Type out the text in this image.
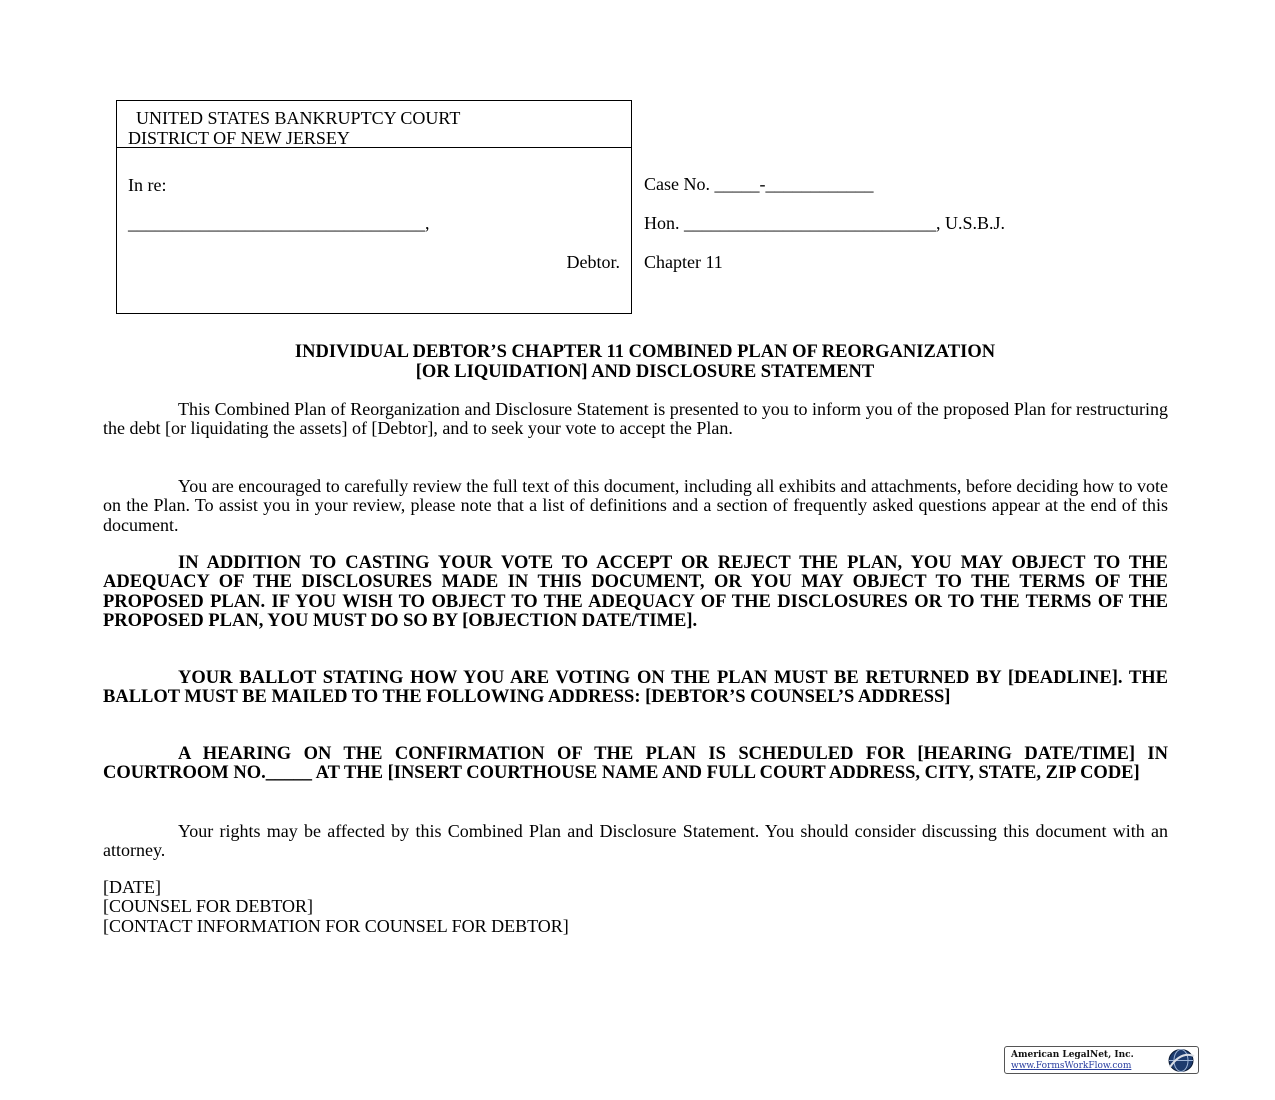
UNITED STATES BANKRUPTCY COURT
DISTRICT OF NEW JERSEY
In re:
_________________________________,
Debtor.
Case No. _____-____________
Hon. ____________________________, U.S.B.J.
Chapter 11
INDIVIDUAL DEBTOR’S CHAPTER 11 COMBINED PLAN OF REORGANIZATION
[OR LIQUIDATION] AND DISCLOSURE STATEMENT

This Combined Plan of Reorganization and Disclosure Statement is presented to you to inform you of the proposed Plan for restructuring the debt [or liquidating the assets] of [Debtor], and to seek your vote to accept the Plan.

You are encouraged to carefully review the full text of this document, including all exhibits and attachments, before deciding how to vote on the Plan. To assist you in your review, please note that a list of definitions and a section of frequently asked questions appear at the end of this document.

IN ADDITION TO CASTING YOUR VOTE TO ACCEPT OR REJECT THE PLAN, YOU MAY OBJECT TO THE ADEQUACY OF THE DISCLOSURES MADE IN THIS DOCUMENT, OR YOU MAY OBJECT TO THE TERMS OF THE PROPOSED PLAN. IF YOU WISH TO OBJECT TO THE ADEQUACY OF THE DISCLOSURES OR TO THE TERMS OF THE PROPOSED PLAN, YOU MUST DO SO BY [OBJECTION DATE/TIME].

YOUR BALLOT STATING HOW YOU ARE VOTING ON THE PLAN MUST BE RETURNED BY [DEADLINE]. THE BALLOT MUST BE MAILED TO THE FOLLOWING ADDRESS: [DEBTOR’S COUNSEL’S ADDRESS]

A HEARING ON THE CONFIRMATION OF THE PLAN IS SCHEDULED FOR [HEARING DATE/TIME] IN COURTROOM NO._____ AT THE [INSERT COURTHOUSE NAME AND FULL COURT ADDRESS, CITY, STATE, ZIP CODE]

Your rights may be affected by this Combined Plan and Disclosure Statement. You should consider discussing this document with an attorney.

[DATE]
[COUNSEL FOR DEBTOR]
[CONTACT INFORMATION FOR COUNSEL FOR DEBTOR]
American LegalNet, Inc.
www.FormsWorkFlow.com
